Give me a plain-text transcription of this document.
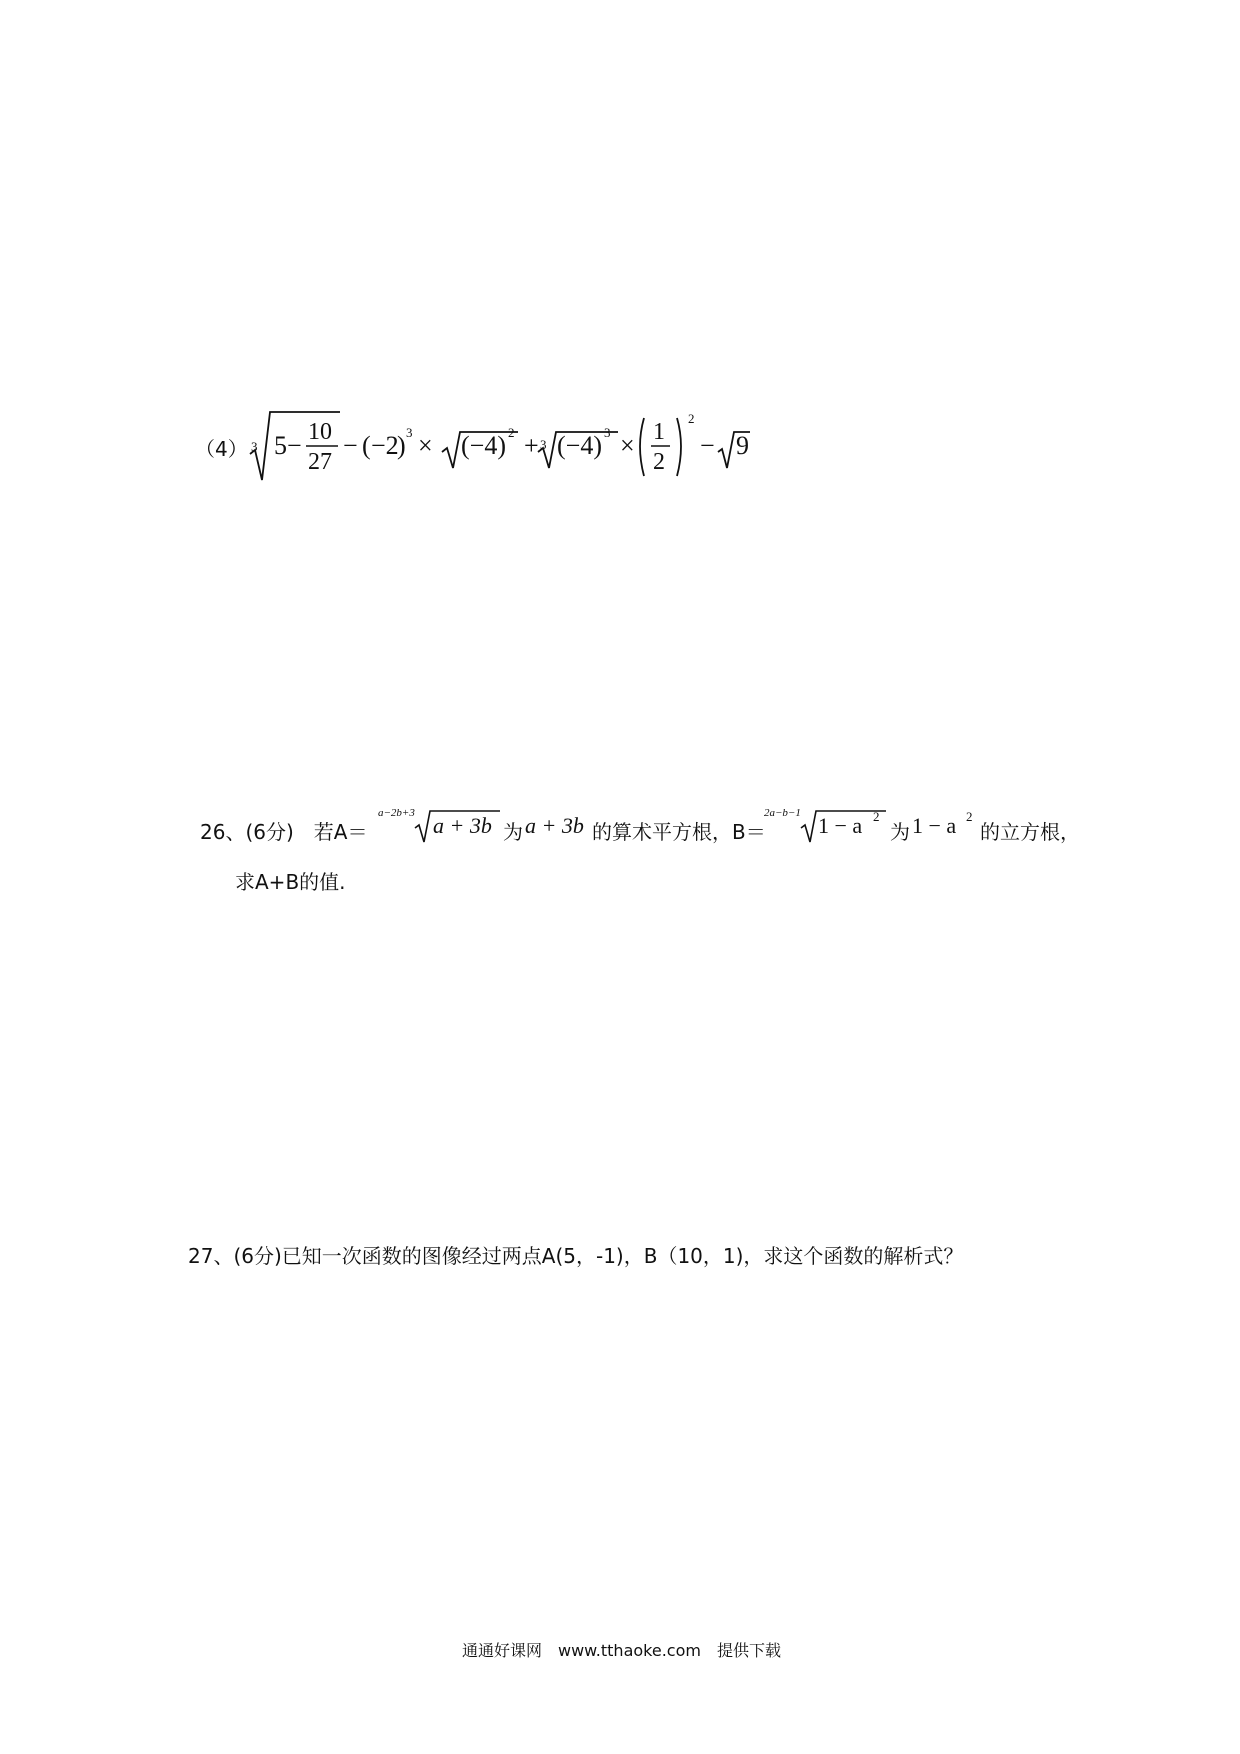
（4） 3 5 − 10
27
− ( −2
) 3 × (−4) 2 + 3 (−4) 3 × 1
2
2
− 9
26、(6分)　若A＝
a−2b+3 a + 3b 为 a + 3b 的算术平方根，B＝
2a−b−1 1 − a 2
为 1 − a 2
的立方根，
求A+B的值.
27、(6分)已知一次函数的图像经过两点A(5，-1)，B（10，1)，求这个函数的解析式？
通通好课网　www.tthaoke.com　提供下载
